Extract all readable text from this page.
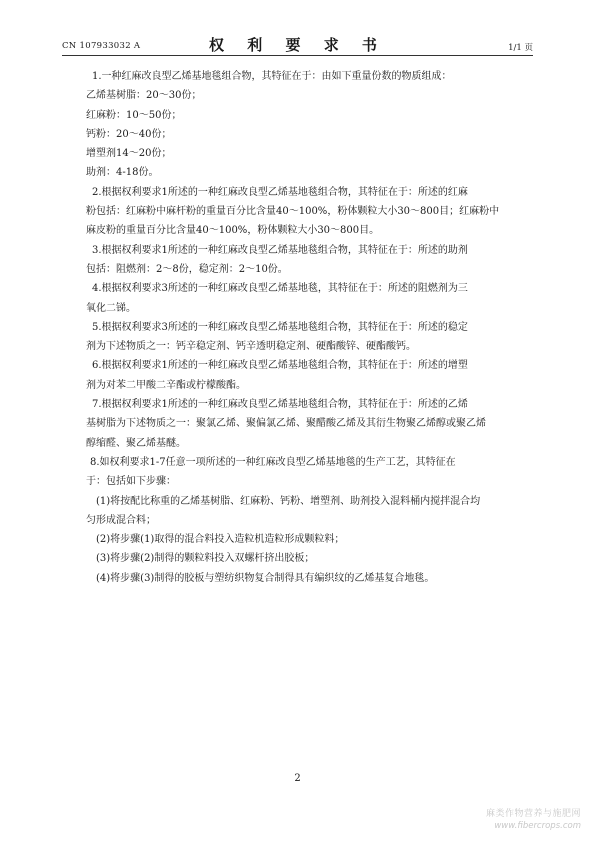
CN 107933032 A	权 利 要 求 书	1/1 页
1.一种红麻改良型乙烯基地毯组合物，其特征在于：由如下重量份数的物质组成：
乙烯基树脂：20～30份；
红麻粉：10～50份；
钙粉：20～40份；
增塑剂14～20份；
助剂：4-18份。
2.根据权利要求1所述的一种红麻改良型乙烯基地毯组合物，其特征在于：所述的红麻
粉包括：红麻粉中麻杆粉的重量百分比含量40～100%，粉体颗粒大小30～800目；红麻粉中
麻皮粉的重量百分比含量40～100%，粉体颗粒大小30～800目。
3.根据权利要求1所述的一种红麻改良型乙烯基地毯组合物，其特征在于：所述的助剂
包括：阻燃剂：2～8份，稳定剂：2～10份。
4.根据权利要求3所述的一种红麻改良型乙烯基地毯，其特征在于：所述的阻燃剂为三
氧化二锑。
5.根据权利要求3所述的一种红麻改良型乙烯基地毯组合物，其特征在于：所述的稳定
剂为下述物质之一：钙辛稳定剂、钙辛透明稳定剂、硬酯酸锌、硬酯酸钙。
6.根据权利要求1所述的一种红麻改良型乙烯基地毯组合物，其特征在于：所述的增塑
剂为对苯二甲酸二辛酯或柠檬酸酯。
7.根据权利要求1所述的一种红麻改良型乙烯基地毯组合物，其特征在于：所述的乙烯
基树脂为下述物质之一：聚氯乙烯、聚偏氯乙烯、聚醋酸乙烯及其衍生物聚乙烯醇或聚乙烯
醇缩醛、聚乙烯基醚。
8.如权利要求1-7任意一项所述的一种红麻改良型乙烯基地毯的生产工艺，其特征在
于：包括如下步骤：
(1)将按配比称重的乙烯基树脂、红麻粉、钙粉、增塑剂、助剂投入混料桶内搅拌混合均
匀形成混合料；
(2)将步骤(1)取得的混合料投入造粒机造粒形成颗粒料；
(3)将步骤(2)制得的颗粒料投入双螺杆挤出胶板；
(4)将步骤(3)制得的胶板与塑纺织物复合制得具有编织纹的乙烯基复合地毯。
2
麻类作物营养与施肥网
www.fibercrops.com
